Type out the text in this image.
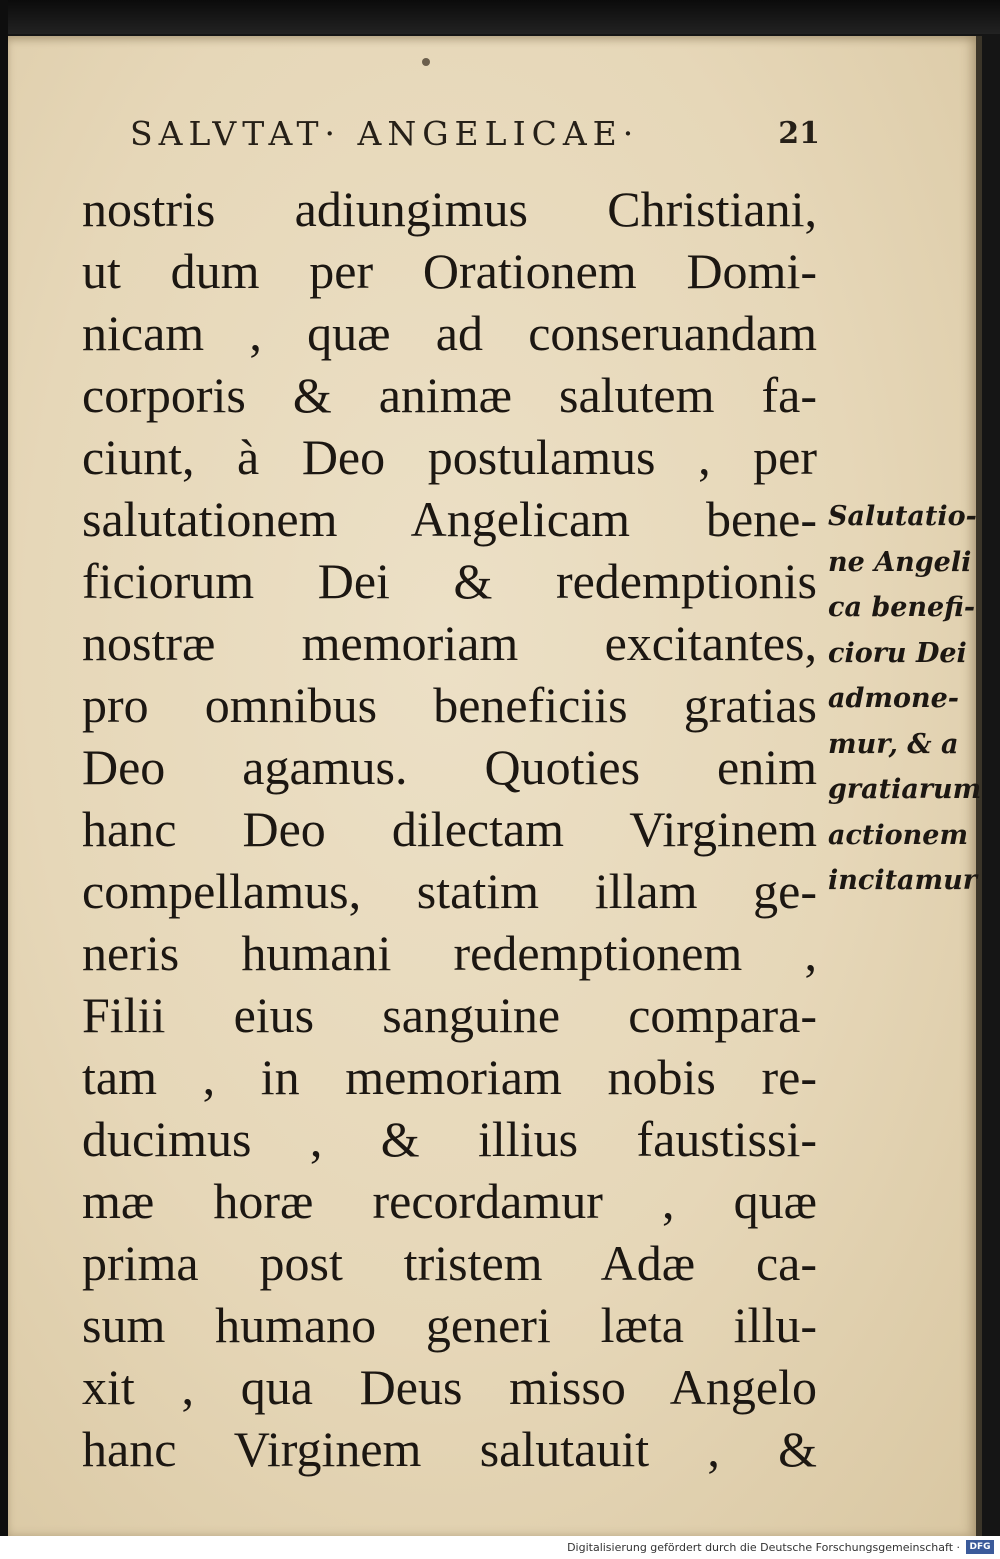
SALVTAT· ANGELICAE·	21
nostris adiungimus Christiani,
ut dum per Orationem Domi-
nicam , quæ ad conseruandam
corporis & animæ salutem fa-
ciunt, à Deo postulamus , per
salutationem Angelicam bene-
ficiorum Dei & redemptionis
nostræ memoriam excitantes,
pro omnibus beneficiis gratias
Deo agamus. Quoties enim
hanc Deo dilectam Virginem
compellamus, statim illam ge-
neris humani redemptionem ,
Filii eius sanguine compara-
tam , in memoriam nobis re-
ducimus , & illius faustissi-
mæ horæ recordamur , quæ
prima post tristem Adæ ca-
sum humano generi læta illu-
xit , qua Deus misso Angelo
hanc Virginem salutauit , &
Salutatio-
ne Angeli
ca benefi-
cioru Dei
admone-
mur, & a
gratiarum
actionem
incitamur
Digitalisierung gefördert durch die Deutsche Forschungsgemeinschaft ·	DFG
